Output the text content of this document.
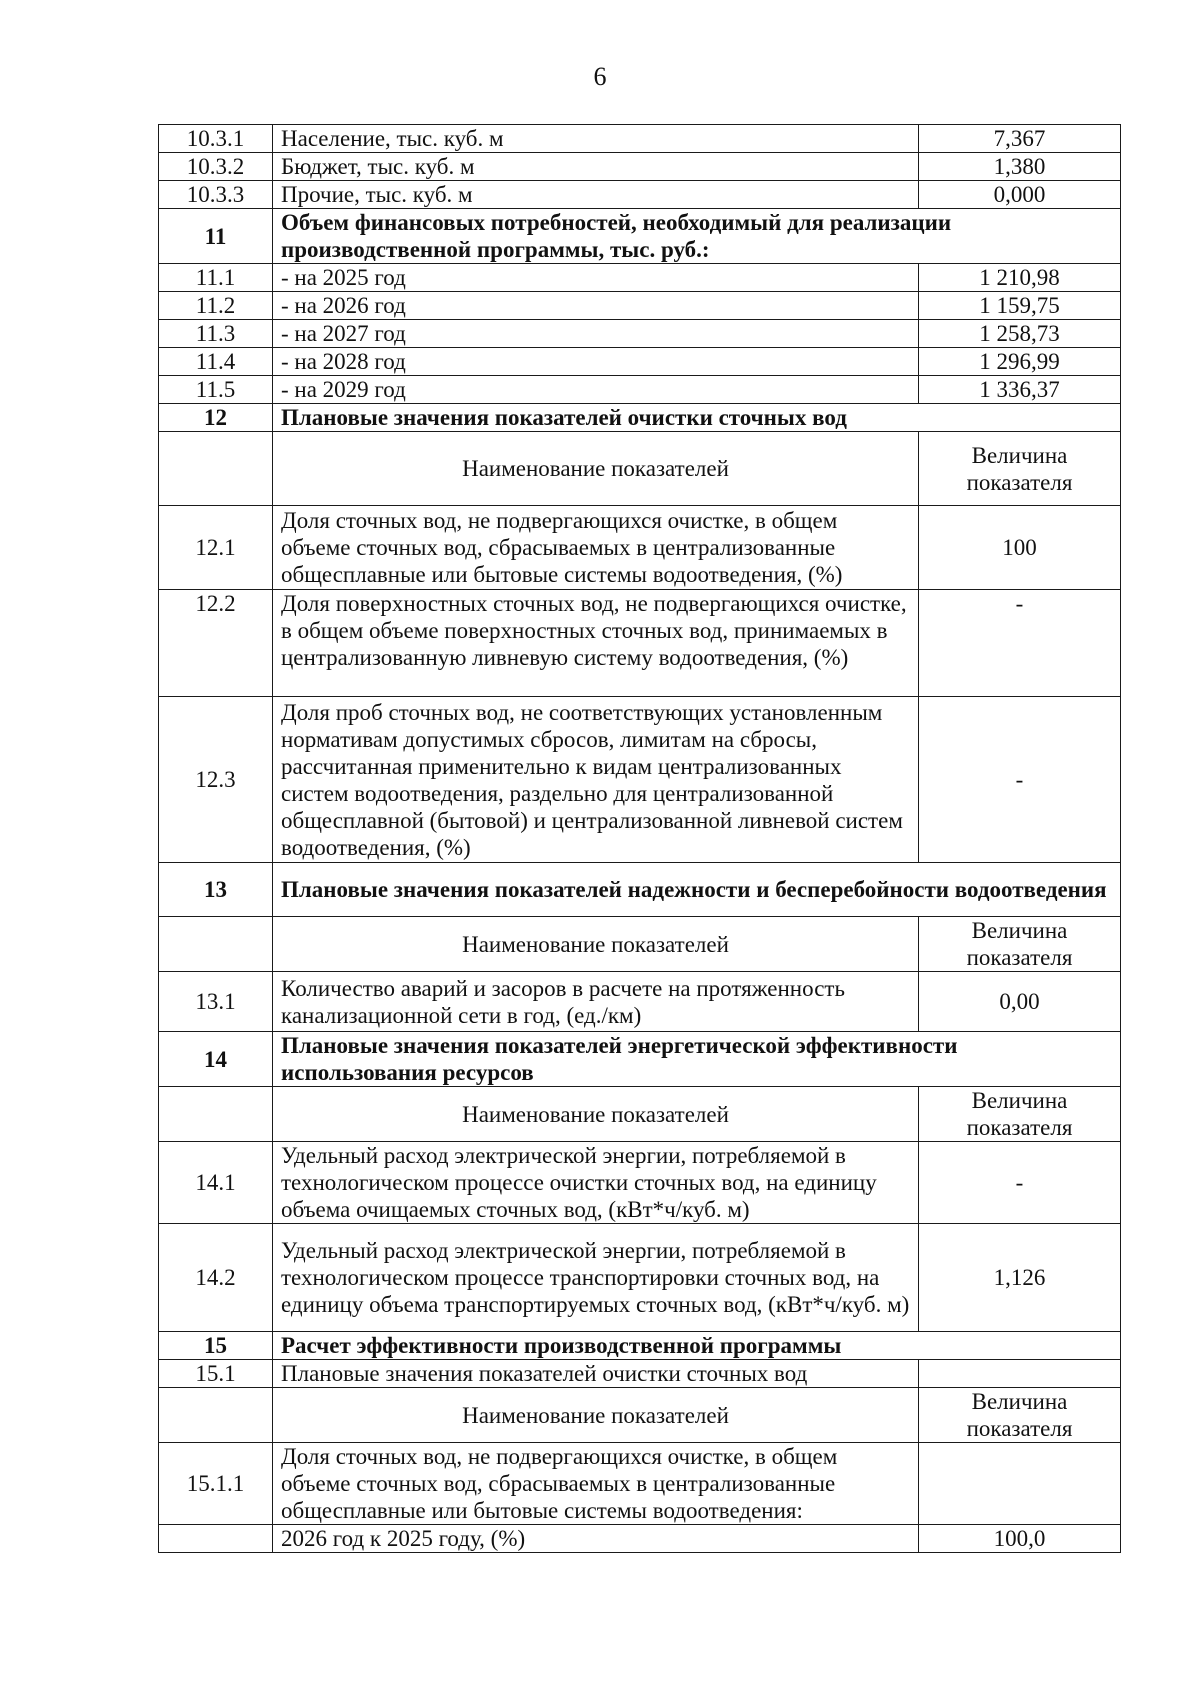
6
10.3.1	Население, тыс. куб. м	7,367
10.3.2	Бюджет, тыс. куб. м	1,380
10.3.3	Прочие, тыс. куб. м	0,000
11	Объем финансовых потребностей, необходимый для реализации производственной программы, тыс. руб.:	
11.1	- на 2025 год	1 210,98
11.2	- на 2026 год	1 159,75
11.3	- на 2027 год	1 258,73
11.4	- на 2028 год	1 296,99
11.5	- на 2029 год	1 336,37
12	Плановые значения показателей очистки сточных вод	
	Наименование показателей	Величина показателя
12.1	Доля сточных вод, не подвергающихся очистке, в общем объеме сточных вод, сбрасываемых в централизованные общесплавные или бытовые системы водоотведения, (%)	100
12.2	Доля поверхностных сточных вод, не подвергающихся очистке, в общем объеме поверхностных сточных вод, принимаемых в централизованную ливневую систему водоотведения, (%)	-
12.3	Доля проб сточных вод, не соответствующих установленным нормативам допустимых сбросов, лимитам на сбросы, рассчитанная применительно к видам централизованных систем водоотведения, раздельно для централизованной общесплавной (бытовой) и централизованной ливневой систем водоотведения, (%)	-
13	Плановые значения показателей надежности и бесперебойности водоотведения	
	Наименование показателей	Величина показателя
13.1	Количество аварий и засоров в расчете на протяженность канализационной сети в год, (ед./км)	0,00
14	Плановые значения показателей энергетической эффективности использования ресурсов	
	Наименование показателей	Величина показателя
14.1	Удельный расход электрической энергии, потребляемой в технологическом процессе очистки сточных вод, на единицу объема очищаемых сточных вод, (кВт*ч/куб. м)	-
14.2	Удельный расход электрической энергии, потребляемой в технологическом процессе транспортировки сточных вод, на единицу объема транспортируемых сточных вод, (кВт*ч/куб. м)	1,126
15	Расчет эффективности производственной программы	
15.1	Плановые значения показателей очистки сточных вод	
	Наименование показателей	Величина показателя
15.1.1	Доля сточных вод, не подвергающихся очистке, в общем объеме сточных вод, сбрасываемых в централизованные общесплавные или бытовые системы водоотведения:	
	2026 год к 2025 году, (%)	100,0
